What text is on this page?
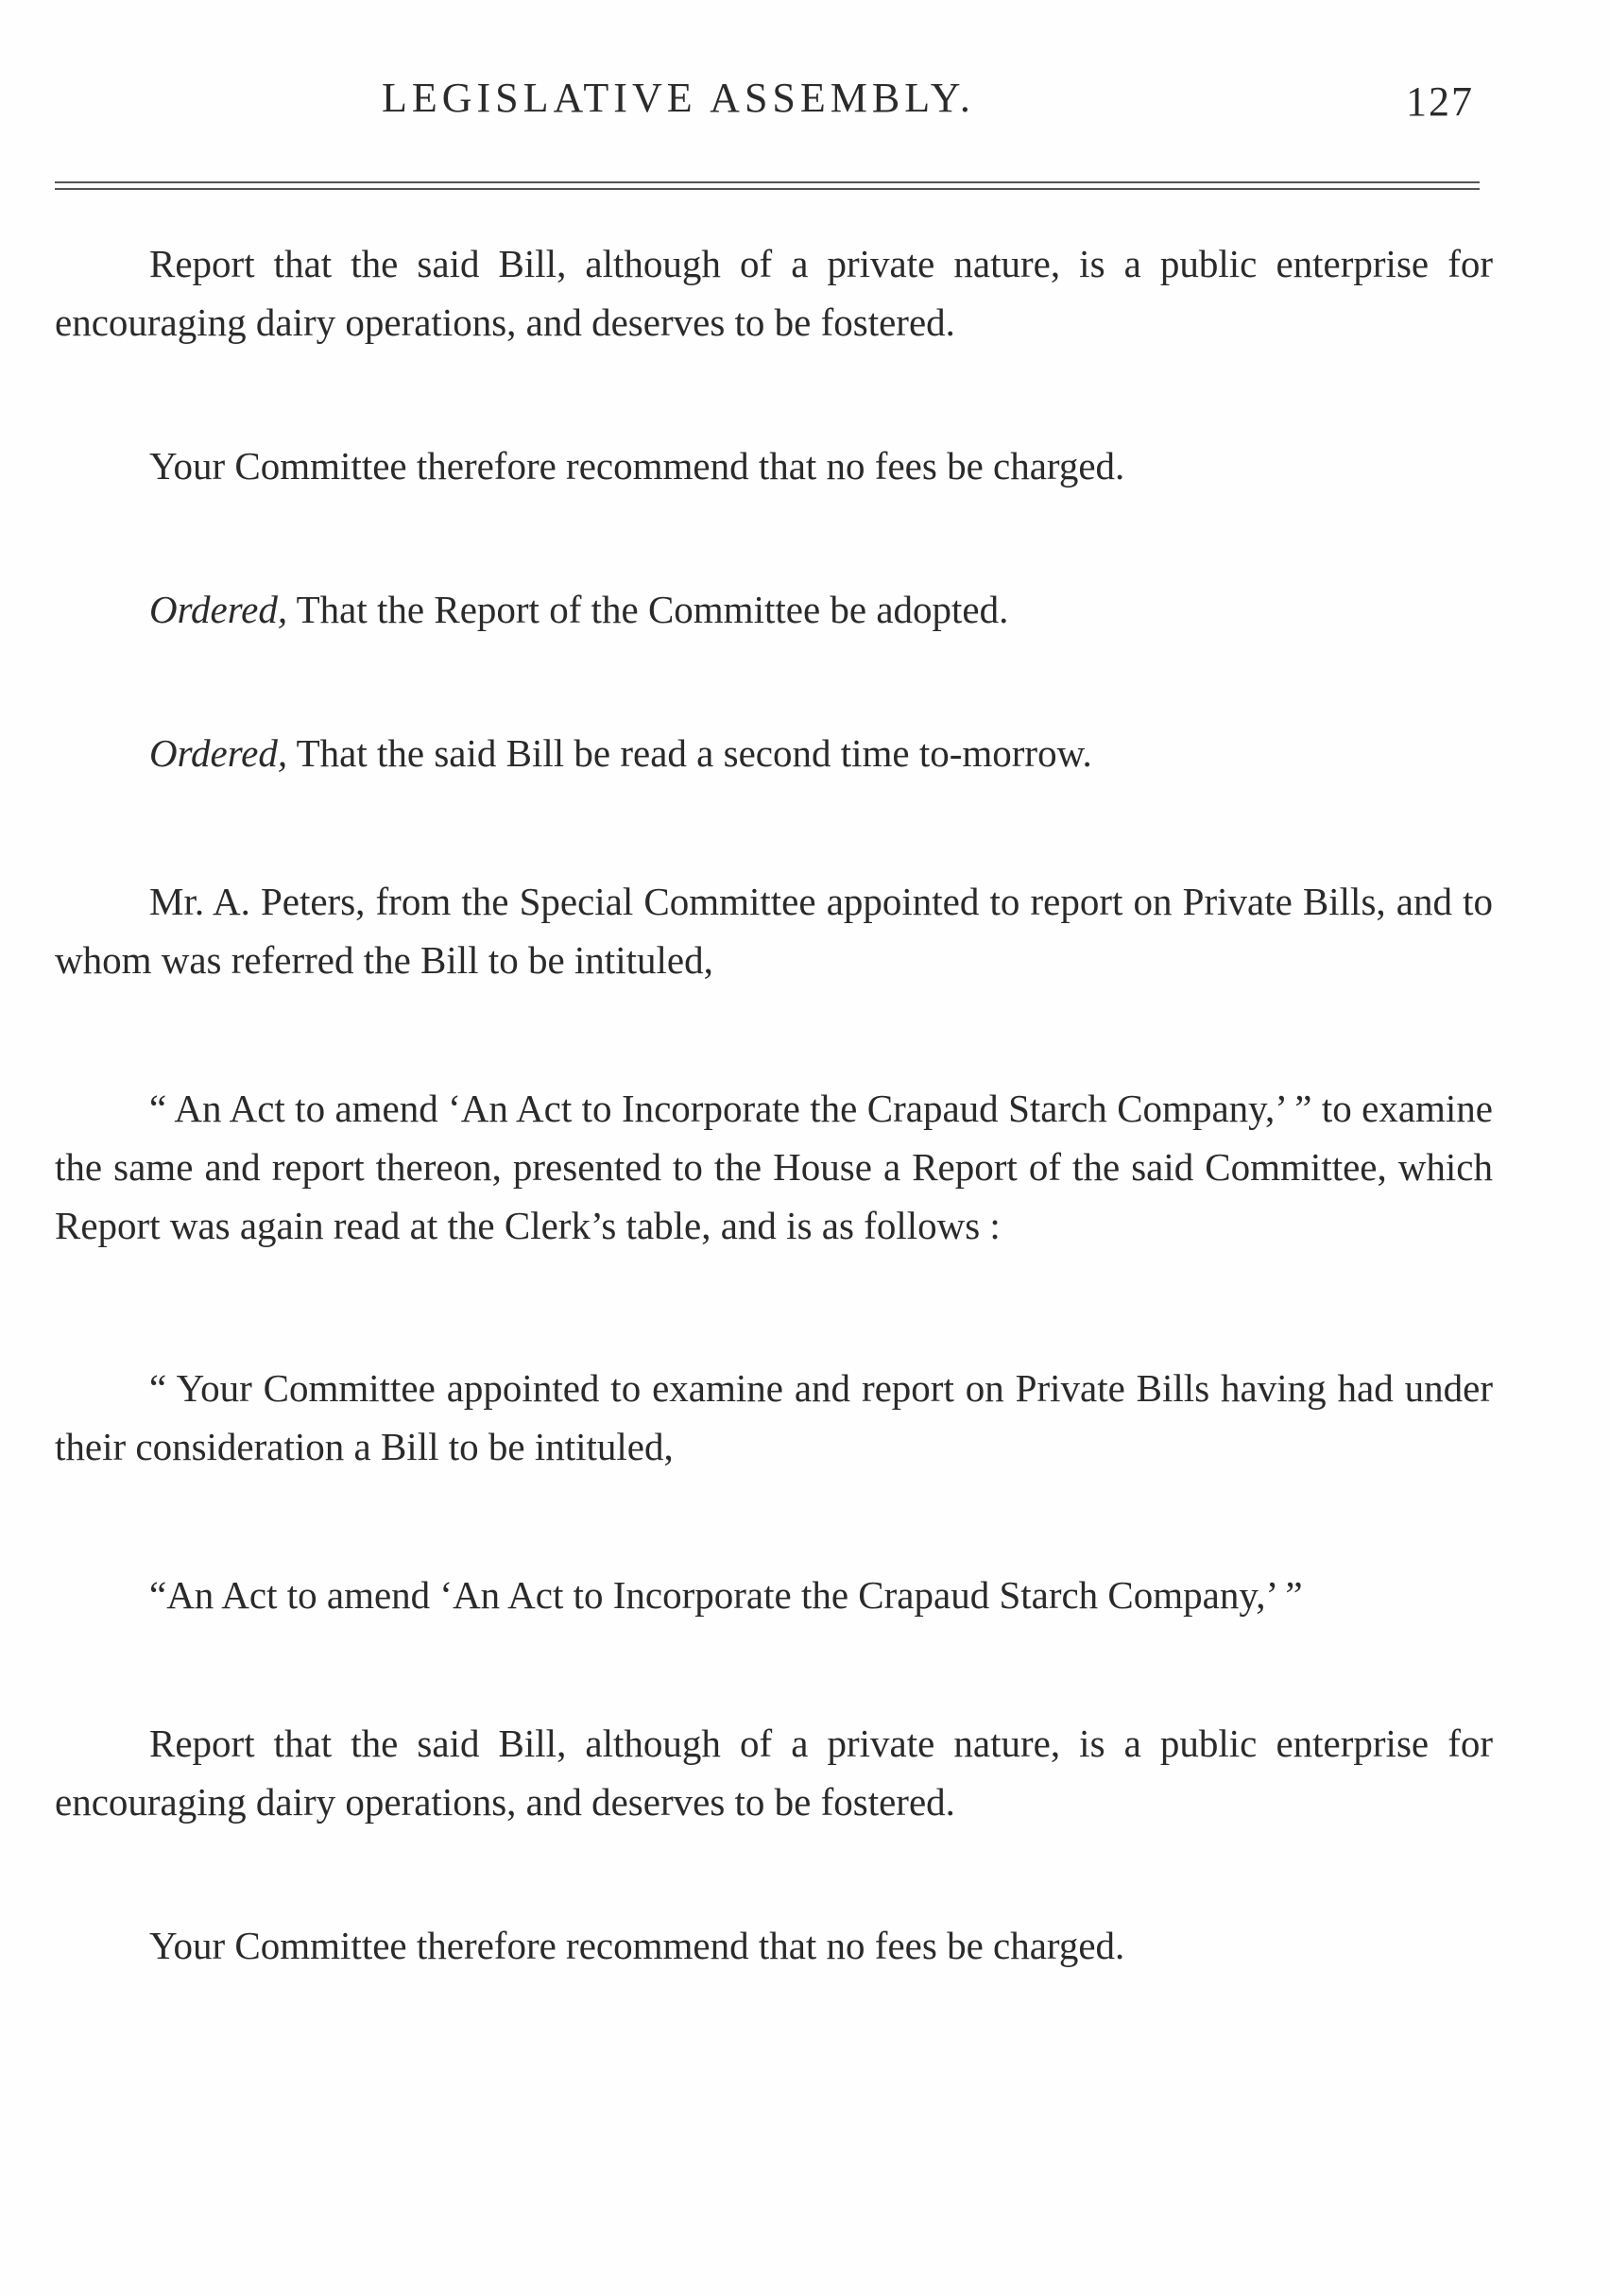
LEGISLATIVE ASSEMBLY.	127

Report that the said Bill, although of a private nature, is a public enterprise for encouraging dairy operations, and deserves to be fostered.

Your Committee therefore recommend that no fees be charged.

Ordered, That the Report of the Committee be adopted.

Ordered, That the said Bill be read a second time to-morrow.

Mr. A. Peters, from the Special Committee appointed to report on Private Bills, and to whom was referred the Bill to be intituled,

“ An Act to amend ‘An Act to Incorporate the Crapaud Starch Company,’ ” to examine the same and report thereon, presented to the House a Report of the said Committee, which Report was again read at the Clerk’s table, and is as follows :

“ Your Committee appointed to examine and report on Private Bills having had under their consideration a Bill to be intituled,

“An Act to amend ‘An Act to Incorporate the Crapaud Starch Company,’ ”

Report that the said Bill, although of a private nature, is a public enterprise for encouraging dairy operations, and deserves to be fostered.

Your Committee therefore recommend that no fees be charged.
